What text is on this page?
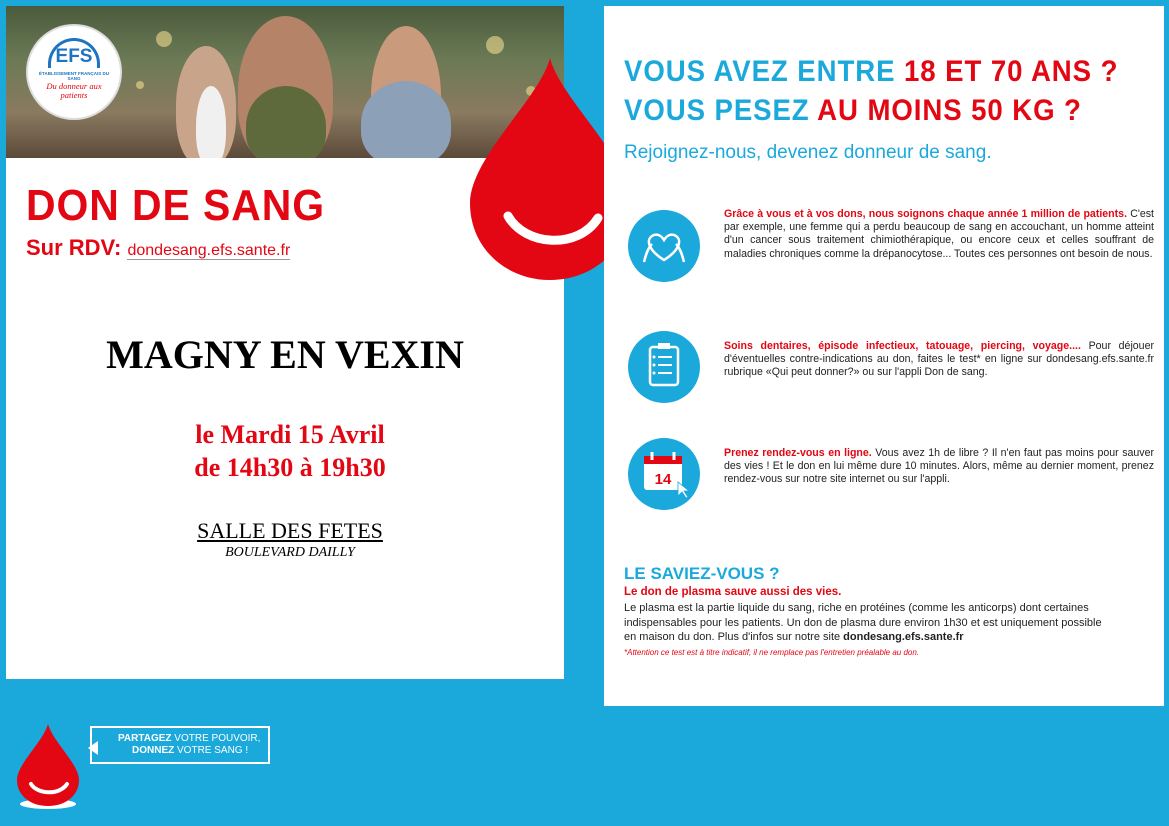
EFS
ÉTABLISSEMENT FRANÇAIS DU SANG
Du donneur aux patients
DON DE SANG
Sur RDV: dondesang.efs.sante.fr
MAGNY EN VEXIN
le Mardi 15 Avril
de 14h30 à 19h30
SALLE DES FETES
BOULEVARD DAILLY
VOUS AVEZ ENTRE 18 ET 70 ANS ?
VOUS PESEZ AU MOINS 50 KG ?
Rejoignez-nous, devenez donneur de sang.
Grâce à vous et à vos dons, nous soignons chaque année 1 million de patients. C'est par exemple, une femme qui a perdu beaucoup de sang en accouchant, un homme atteint d'un cancer sous traitement chimiothérapique, ou encore ceux et celles souffrant de maladies chroniques comme la drépanocytose... Toutes ces personnes ont besoin de nous.
Soins dentaires, épisode infectieux, tatouage, piercing, voyage.... Pour déjouer d'éventuelles contre-indications au don, faites le test* en ligne sur dondesang.efs.sante.fr rubrique «Qui peut donner?» ou sur l'appli Don de sang.
14
Prenez rendez-vous en ligne. Vous avez 1h de libre ? Il n'en faut pas moins pour sauver des vies ! Et le don en lui même dure 10 minutes. Alors, même au dernier moment, prenez rendez-vous sur notre site internet ou sur l'appli.
LE SAVIEZ-VOUS ?
Le don de plasma sauve aussi des vies.
Le plasma est la partie liquide du sang, riche en protéines (comme les anticorps) dont certaines indispensables pour les patients. Un don de plasma dure environ 1h30 et est uniquement possible en maison du don. Plus d'infos sur notre site dondesang.efs.sante.fr
*Attention ce test est à titre indicatif, il ne remplace pas l'entretien préalable au don.
PARTAGEZ VOTRE POUVOIR,
DONNEZ VOTRE SANG !
